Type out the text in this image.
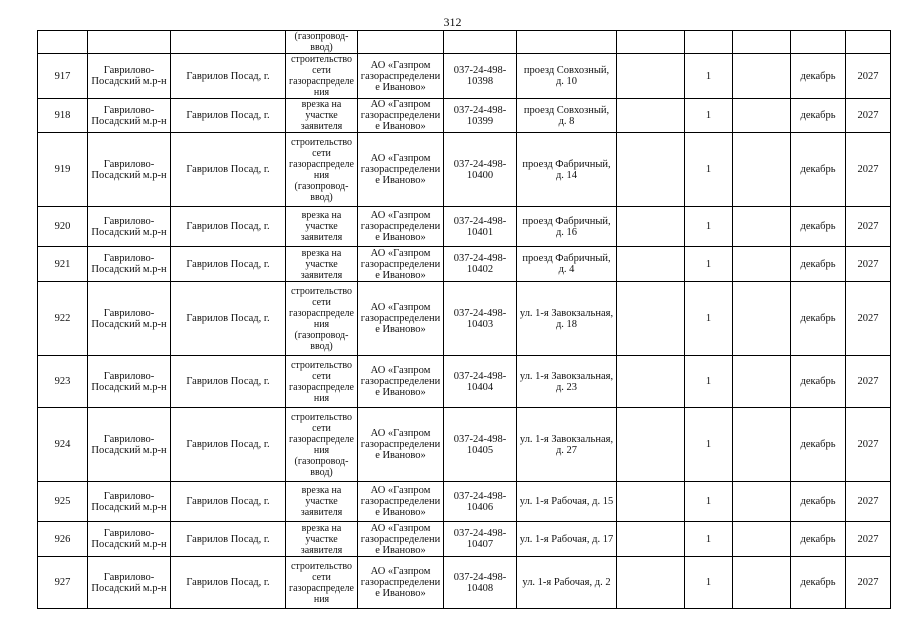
312
			(газопровод-ввод)								
917	Гаврилово-Посадский м.р-н	Гаврилов Посад, г.	строительство сети газораспределения	АО «Газпром газораспределение Иваново»	037-24-498-10398	проезд Совхозный, д. 10		1		декабрь	2027
918	Гаврилово-Посадский м.р-н	Гаврилов Посад, г.	врезка на участке заявителя	АО «Газпром газораспределение Иваново»	037-24-498-10399	проезд Совхозный, д. 8		1		декабрь	2027
919	Гаврилово-Посадский м.р-н	Гаврилов Посад, г.	строительство сети газораспределения (газопровод-ввод)	АО «Газпром газораспределение Иваново»	037-24-498-10400	проезд Фабричный, д. 14		1		декабрь	2027
920	Гаврилово-Посадский м.р-н	Гаврилов Посад, г.	врезка на участке заявителя	АО «Газпром газораспределение Иваново»	037-24-498-10401	проезд Фабричный, д. 16		1		декабрь	2027
921	Гаврилово-Посадский м.р-н	Гаврилов Посад, г.	врезка на участке заявителя	АО «Газпром газораспределение Иваново»	037-24-498-10402	проезд Фабричный, д. 4		1		декабрь	2027
922	Гаврилово-Посадский м.р-н	Гаврилов Посад, г.	строительство сети газораспределения (газопровод-ввод)	АО «Газпром газораспределение Иваново»	037-24-498-10403	ул. 1-я Завокзальная, д. 18		1		декабрь	2027
923	Гаврилово-Посадский м.р-н	Гаврилов Посад, г.	строительство сети газораспределения	АО «Газпром газораспределение Иваново»	037-24-498-10404	ул. 1-я Завокзальная, д. 23		1		декабрь	2027
924	Гаврилово-Посадский м.р-н	Гаврилов Посад, г.	строительство сети газораспределения (газопровод-ввод)	АО «Газпром газораспределение Иваново»	037-24-498-10405	ул. 1-я Завокзальная, д. 27		1		декабрь	2027
925	Гаврилово-Посадский м.р-н	Гаврилов Посад, г.	врезка на участке заявителя	АО «Газпром газораспределение Иваново»	037-24-498-10406	ул. 1-я Рабочая, д. 15		1		декабрь	2027
926	Гаврилово-Посадский м.р-н	Гаврилов Посад, г.	врезка на участке заявителя	АО «Газпром газораспределение Иваново»	037-24-498-10407	ул. 1-я Рабочая, д. 17		1		декабрь	2027
927	Гаврилово-Посадский м.р-н	Гаврилов Посад, г.	строительство сети газораспределения	АО «Газпром газораспределение Иваново»	037-24-498-10408	ул. 1-я Рабочая, д. 2		1		декабрь	2027
